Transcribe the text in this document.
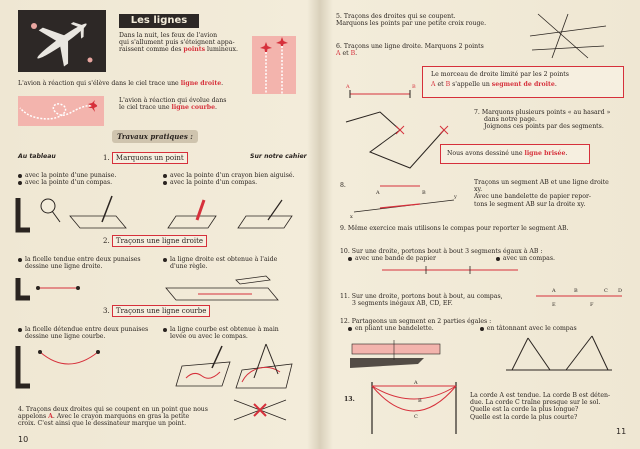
Les lignes
Dans la nuit, les feux de l'avion
qui s'allument puis s'éteignent appa-
raissent comme des points lumineux.
L'avion à réaction qui s'élève dans le ciel trace une ligne droite.
L'avion à réaction qui évolue dans
le ciel trace une ligne courbe.
Travaux pratiques :
Au tableau	Sur notre cahier
1. Marquons un point
avec la pointe d'une punaise.
avec la pointe d'un compas.
avec la pointe d'un crayon bien aiguisé.
avec la pointe d'un compas.
2. Traçons une ligne droite
la ficelle tendue entre deux punaises
dessine une ligne droite.
la ligne droite est obtenue à l'aide
d'une règle.
3. Traçons une ligne courbe
la ficelle détendue entre deux punaises
dessine une ligne courbe.
la ligne courbe est obtenue à main
levée ou avec le compas.
4. Traçons deux droites qui se coupent en un point que nous
appelons A. Avec le crayon marquons en gras la petite
croix. C'est ainsi que le dessinateur marque un point.
10
5. Traçons des droites qui se coupent.
Marquons les points par une petite croix rouge.
6. Traçons une ligne droite. Marquons 2 points
A et B.
A	B
Le morceau de droite limité par les 2 points
A et B s'appelle un segment de droite.
7. Marquons plusieurs points « au hasard »
dans notre page.
Joignons ces points par des segments.
Nous avons dessiné une ligne brisée.
8.
A	B
x
y
Traçons un segment AB et une ligne droite
xy.
Avec une bandelette de papier repor-
tons le segment AB sur la droite xy.
9. Même exercice mais utilisons le compas pour reporter le segment AB.
10. Sur une droite, portons bout à bout 3 segments égaux à AB :
avec une bande de papier	avec un compas.
11. Sur une droite, portons bout à bout, au compas,
3 segments inégaux AB, CD, EF.
A	B	C D
E	F
12. Partageons un segment en 2 parties égales :
en pliant une bandelette.	en tâtonnant avec le compas
13.
A
B
C
La corde A est tendue. La corde B est déten-
due. La corde C traîne presque sur le sol.
Quelle est la corde la plus longue?
Quelle est la corde la plus courte?
11
